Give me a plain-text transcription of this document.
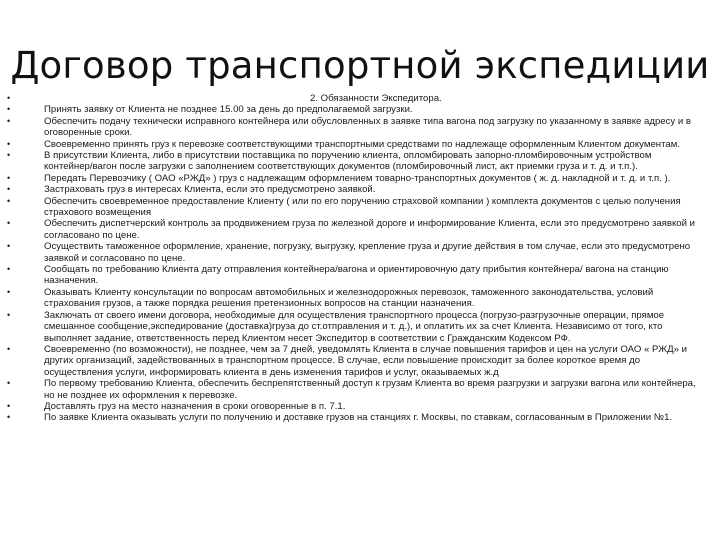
Договор транспортной экспедиции
2. Обязанности Экспедитора.
•
•	Принять заявку от Клиента не позднее 15.00 за день до предполагаемой загрузки.
•	Обеспечить подачу технически исправного контейнера или обусловленных в заявке типа вагона под загрузку по указанному в заявке адресу и в оговоренные сроки.
•	Своевременно принять груз к перевозке соответствующими транспортными средствами по надлежаще оформленным Клиентом документам.
•	В присутствии Клиента, либо в присутствии поставщика по поручению клиента, опломбировать запорно-пломбировочным устройством контейнер/вагон после загрузки с заполнением соответствующих документов (пломбировочный лист, акт приемки груза и т. д. и т.п.).
•	Передать Перевозчику ( ОАО «РЖД» ) груз с надлежащим оформлением товарно-транспортных документов ( ж. д. накладной и т. д. и т.п. ).
•	Застраховать груз в интересах Клиента, если это предусмотрено заявкой.
•	Обеспечить своевременное предоставление Клиенту ( или по его поручению страховой компании ) комплекта документов с целью получения страхового возмещения
•	Обеспечить диспетчерский контроль за продвижением груза по железной дороге и информирование Клиента, если это предусмотрено заявкой и согласовано по цене.
•	Осуществить таможенное оформление, хранение, погрузку, выгрузку, крепление груза и другие действия в том случае, если это предусмотрено заявкой и согласовано по цене.
•	Сообщать по требованию Клиента дату отправления контейнера/вагона и ориентировочную дату прибытия контейнера/ вагона на станцию назначения.
•	Оказывать Клиенту консультации по вопросам автомобильных и железнодорожных перевозок, таможенного законодательства, условий страхования грузов, а также порядка решения претензионных вопросов на станции назначения.
•	Заключать от своего имени договора, необходимые для осуществления транспортного процесса (погрузо-разгрузочные операции, прямое смешанное сообщение,экспедирование (доставка)груза до ст.отправления и т. д.), и оплатить их за счет Клиента. Независимо от того, кто выполняет задание, ответственность перед Клиентом несет Экспедитор в соответствии с Гражданским Кодексом РФ.
•	Своевременно (по возможности), не позднее, чем за 7 дней, уведомлять Клиента в случае повышения тарифов и цен на услуги ОАО « РЖД» и других организаций, задействованных в транспортном процессе. В случае, если повышение происходит за более короткое время до осуществления услуги, информировать клиента в день изменения тарифов и услуг, оказываемых ж.д
•	По первому требованию Клиента, обеспечить беспрепятственный доступ к грузам Клиента во время разгрузки и загрузки вагона или контейнера, но не позднее их оформления к перевозке.
•	Доставлять груз на место назначения в сроки оговоренные в п. 7.1.
•	По заявке Клиента оказывать услуги по получению и доставке грузов на станциях г. Москвы, по ставкам, согласованным в Приложении №1.
